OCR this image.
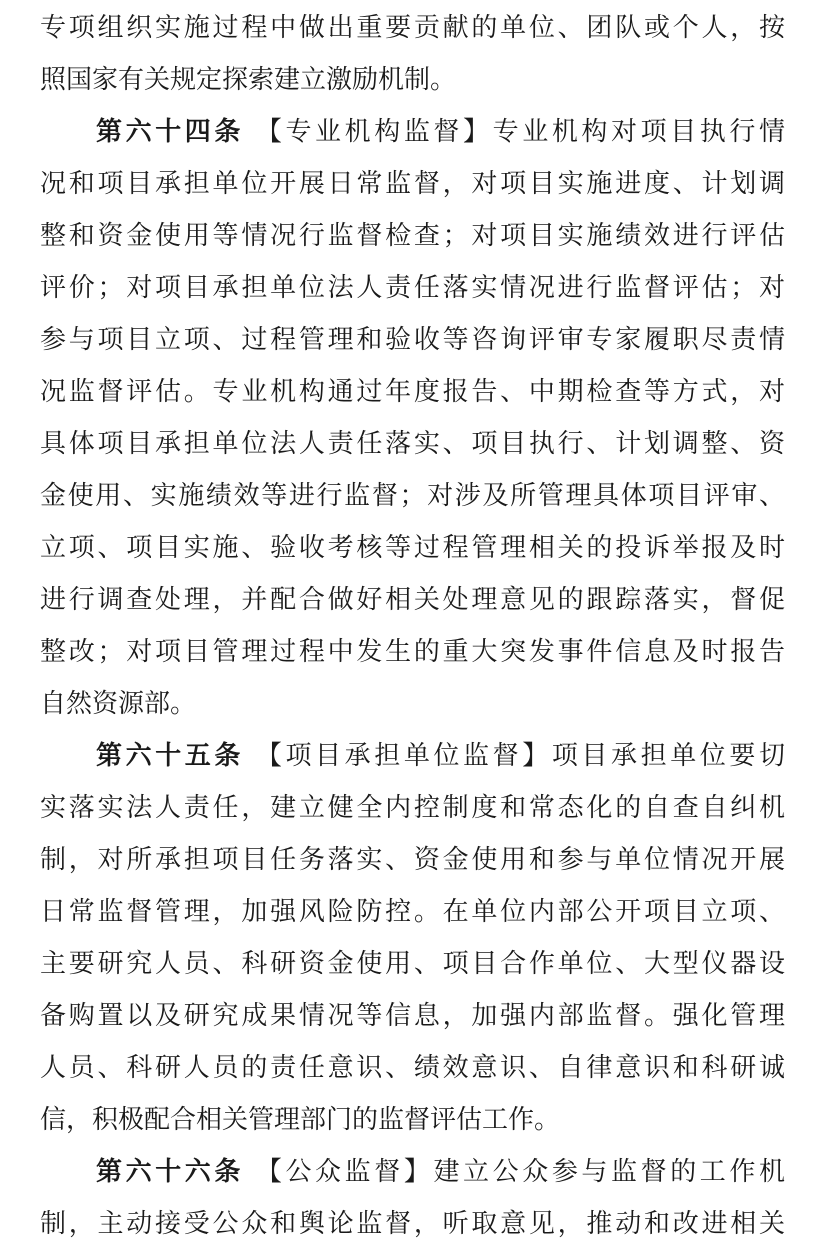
专项组织实施过程中做出重要贡献的单位、团队或个人，按
照国家有关规定探索建立激励机制。
第六十四条 【专业机构监督】专业机构对项目执行情
况和项目承担单位开展日常监督，对项目实施进度、计划调
整和资金使用等情况行监督检查；对项目实施绩效进行评估
评价；对项目承担单位法人责任落实情况进行监督评估；对
参与项目立项、过程管理和验收等咨询评审专家履职尽责情
况监督评估。专业机构通过年度报告、中期检查等方式，对
具体项目承担单位法人责任落实、项目执行、计划调整、资
金使用、实施绩效等进行监督；对涉及所管理具体项目评审、
立项、项目实施、验收考核等过程管理相关的投诉举报及时
进行调查处理，并配合做好相关处理意见的跟踪落实，督促
整改；对项目管理过程中发生的重大突发事件信息及时报告
自然资源部。
第六十五条 【项目承担单位监督】项目承担单位要切
实落实法人责任，建立健全内控制度和常态化的自查自纠机
制，对所承担项目任务落实、资金使用和参与单位情况开展
日常监督管理，加强风险防控。在单位内部公开项目立项、
主要研究人员、科研资金使用、项目合作单位、大型仪器设
备购置以及研究成果情况等信息，加强内部监督。强化管理
人员、科研人员的责任意识、绩效意识、自律意识和科研诚
信，积极配合相关管理部门的监督评估工作。
第六十六条 【公众监督】建立公众参与监督的工作机
制，主动接受公众和舆论监督，听取意见，推动和改进相关
